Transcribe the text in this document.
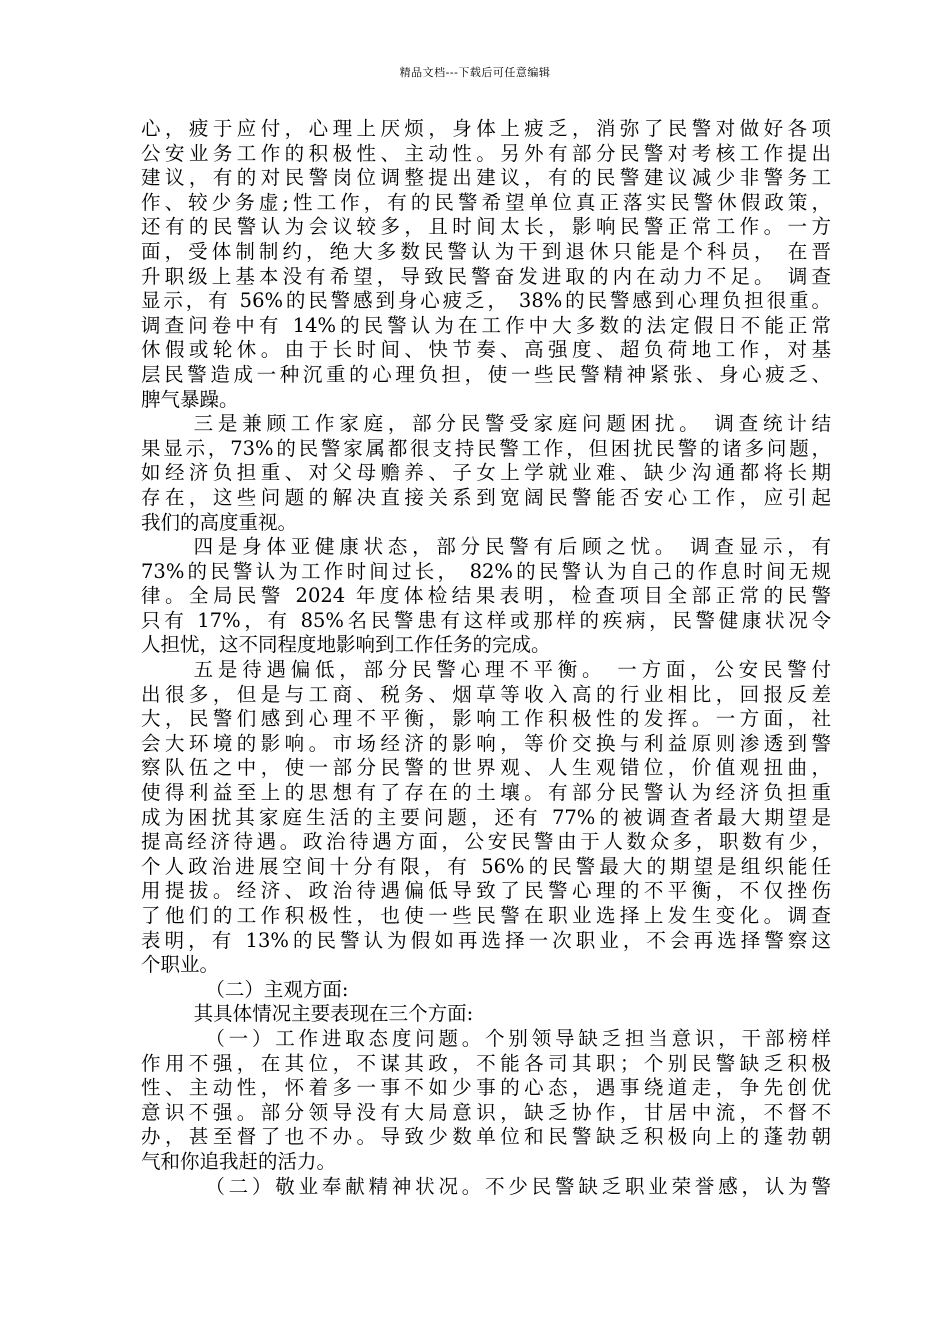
精品文档---下载后可任意编辑
心，疲于应付，心理上厌烦，身体上疲乏，消弥了民警对做好各项
公安业务工作的积极性、主动性。另外有部分民警对考核工作提出
建议，有的对民警岗位调整提出建议，有的民警建议减少非警务工
作、较少务虚;性工作，有的民警希望单位真正落实民警休假政策，
还有的民警认为会议较多，且时间太长，影响民警正常工作。一方
面，受体制制约，绝大多数民警认为干到退休只能是个科员， 在晋
升职级上基本没有希望，导致民警奋发进取的内在动力不足。 调查
显示，有 56%的民警感到身心疲乏， 38%的民警感到心理负担很重。
调查问卷中有 14%的民警认为在工作中大多数的法定假日不能正常
休假或轮休。由于长时间、快节奏、高强度、超负荷地工作，对基
层民警造成一种沉重的心理负担，使一些民警精神紧张、身心疲乏、
脾气暴躁。
三是兼顾工作家庭，部分民警受家庭问题困扰。 调查统计结
果显示，73%的民警家属都很支持民警工作，但困扰民警的诸多问题，
如经济负担重、对父母赡养、子女上学就业难、缺少沟通都将长期
存在，这些问题的解决直接关系到宽阔民警能否安心工作，应引起
我们的高度重视。
四是身体亚健康状态，部分民警有后顾之忧。 调查显示，有
73%的民警认为工作时间过长， 82%的民警认为自己的作息时间无规
律。全局民警 2024 年度体检结果表明，检查项目全部正常的民警
只有 17%，有 85%名民警患有这样或那样的疾病，民警健康状况令
人担忧，这不同程度地影响到工作任务的完成。
五是待遇偏低，部分民警心理不平衡。 一方面，公安民警付
出很多，但是与工商、税务、烟草等收入高的行业相比，回报反差
大，民警们感到心理不平衡，影响工作积极性的发挥。一方面，社
会大环境的影响。市场经济的影响，等价交换与利益原则渗透到警
察队伍之中，使一部分民警的世界观、人生观错位，价值观扭曲，
使得利益至上的思想有了存在的土壤。有部分民警认为经济负担重
成为困扰其家庭生活的主要问题，还有 77%的被调查者最大期望是
提高经济待遇。政治待遇方面，公安民警由于人数众多，职数有少，
个人政治进展空间十分有限，有 56%的民警最大的期望是组织能任
用提拔。经济、政治待遇偏低导致了民警心理的不平衡，不仅挫伤
了他们的工作积极性，也使一些民警在职业选择上发生变化。调查
表明，有 13%的民警认为假如再选择一次职业，不会再选择警察这
个职业。
（二）主观方面:
其具体情况主要表现在三个方面:
（一）工作进取态度问题。个别领导缺乏担当意识，干部榜样
作用不强，在其位，不谋其政，不能各司其职；个别民警缺乏积极
性、主动性，怀着多一事不如少事的心态，遇事绕道走，争先创优
意识不强。部分领导没有大局意识，缺乏协作，甘居中流，不督不
办，甚至督了也不办。导致少数单位和民警缺乏积极向上的蓬勃朝
气和你追我赶的活力。
（二）敬业奉献精神状况。不少民警缺乏职业荣誉感，认为警
